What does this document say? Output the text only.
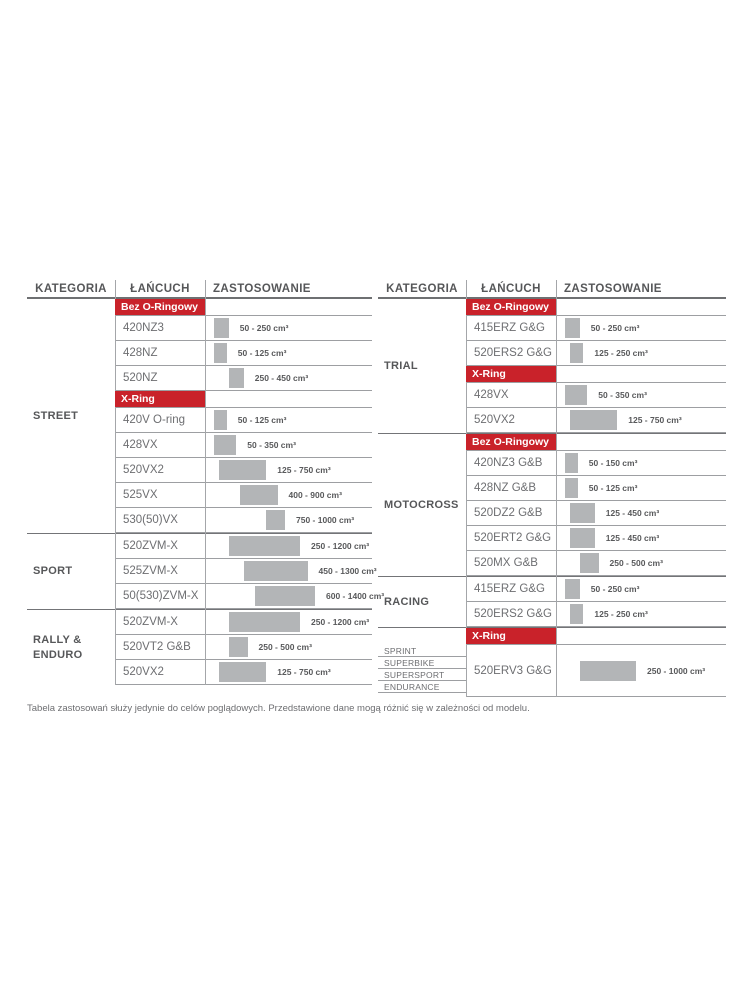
KATEGORIA	ŁAŃCUCH	ZASTOSOWANIE
STREET
Bez O-Ringowy
420NZ3	50 - 250 cm³
428NZ	50 - 125 cm³
520NZ	250 - 450 cm³
X-Ring
420V O-ring	50 - 125 cm³
428VX	50 - 350 cm³
520VX2	125 - 750 cm³
525VX	400 - 900 cm³
530(50)VX	750 - 1000 cm³
SPORT
520ZVM-X	250 - 1200 cm³
525ZVM-X	450 - 1300 cm³
50(530)ZVM-X	600 - 1400 cm³
RALLY & ENDURO
520ZVM-X	250 - 1200 cm³
520VT2 G&B	250 - 500 cm³
520VX2	125 - 750 cm³
KATEGORIA	ŁAŃCUCH	ZASTOSOWANIE
TRIAL
Bez O-Ringowy
415ERZ G&G	50 - 250 cm³
520ERS2 G&G	125 - 250 cm³
X-Ring
428VX	50 - 350 cm³
520VX2	125 - 750 cm³
MOTOCROSS
Bez O-Ringowy
420NZ3 G&B	50 - 150 cm³
428NZ G&B	50 - 125 cm³
520DZ2 G&B	125 - 450 cm³
520ERT2 G&G	125 - 450 cm³
520MX G&B	250 - 500 cm³
RACING
415ERZ G&G	50 - 250 cm³
520ERS2 G&G	125 - 250 cm³
SPRINT
SUPERBIKE
SUPERSPORT
ENDURANCE
X-Ring
520ERV3 G&G	250 - 1000 cm³
Tabela zastosowań służy jedynie do celów poglądowych. Przedstawione dane mogą różnić się w zależności od modelu.
